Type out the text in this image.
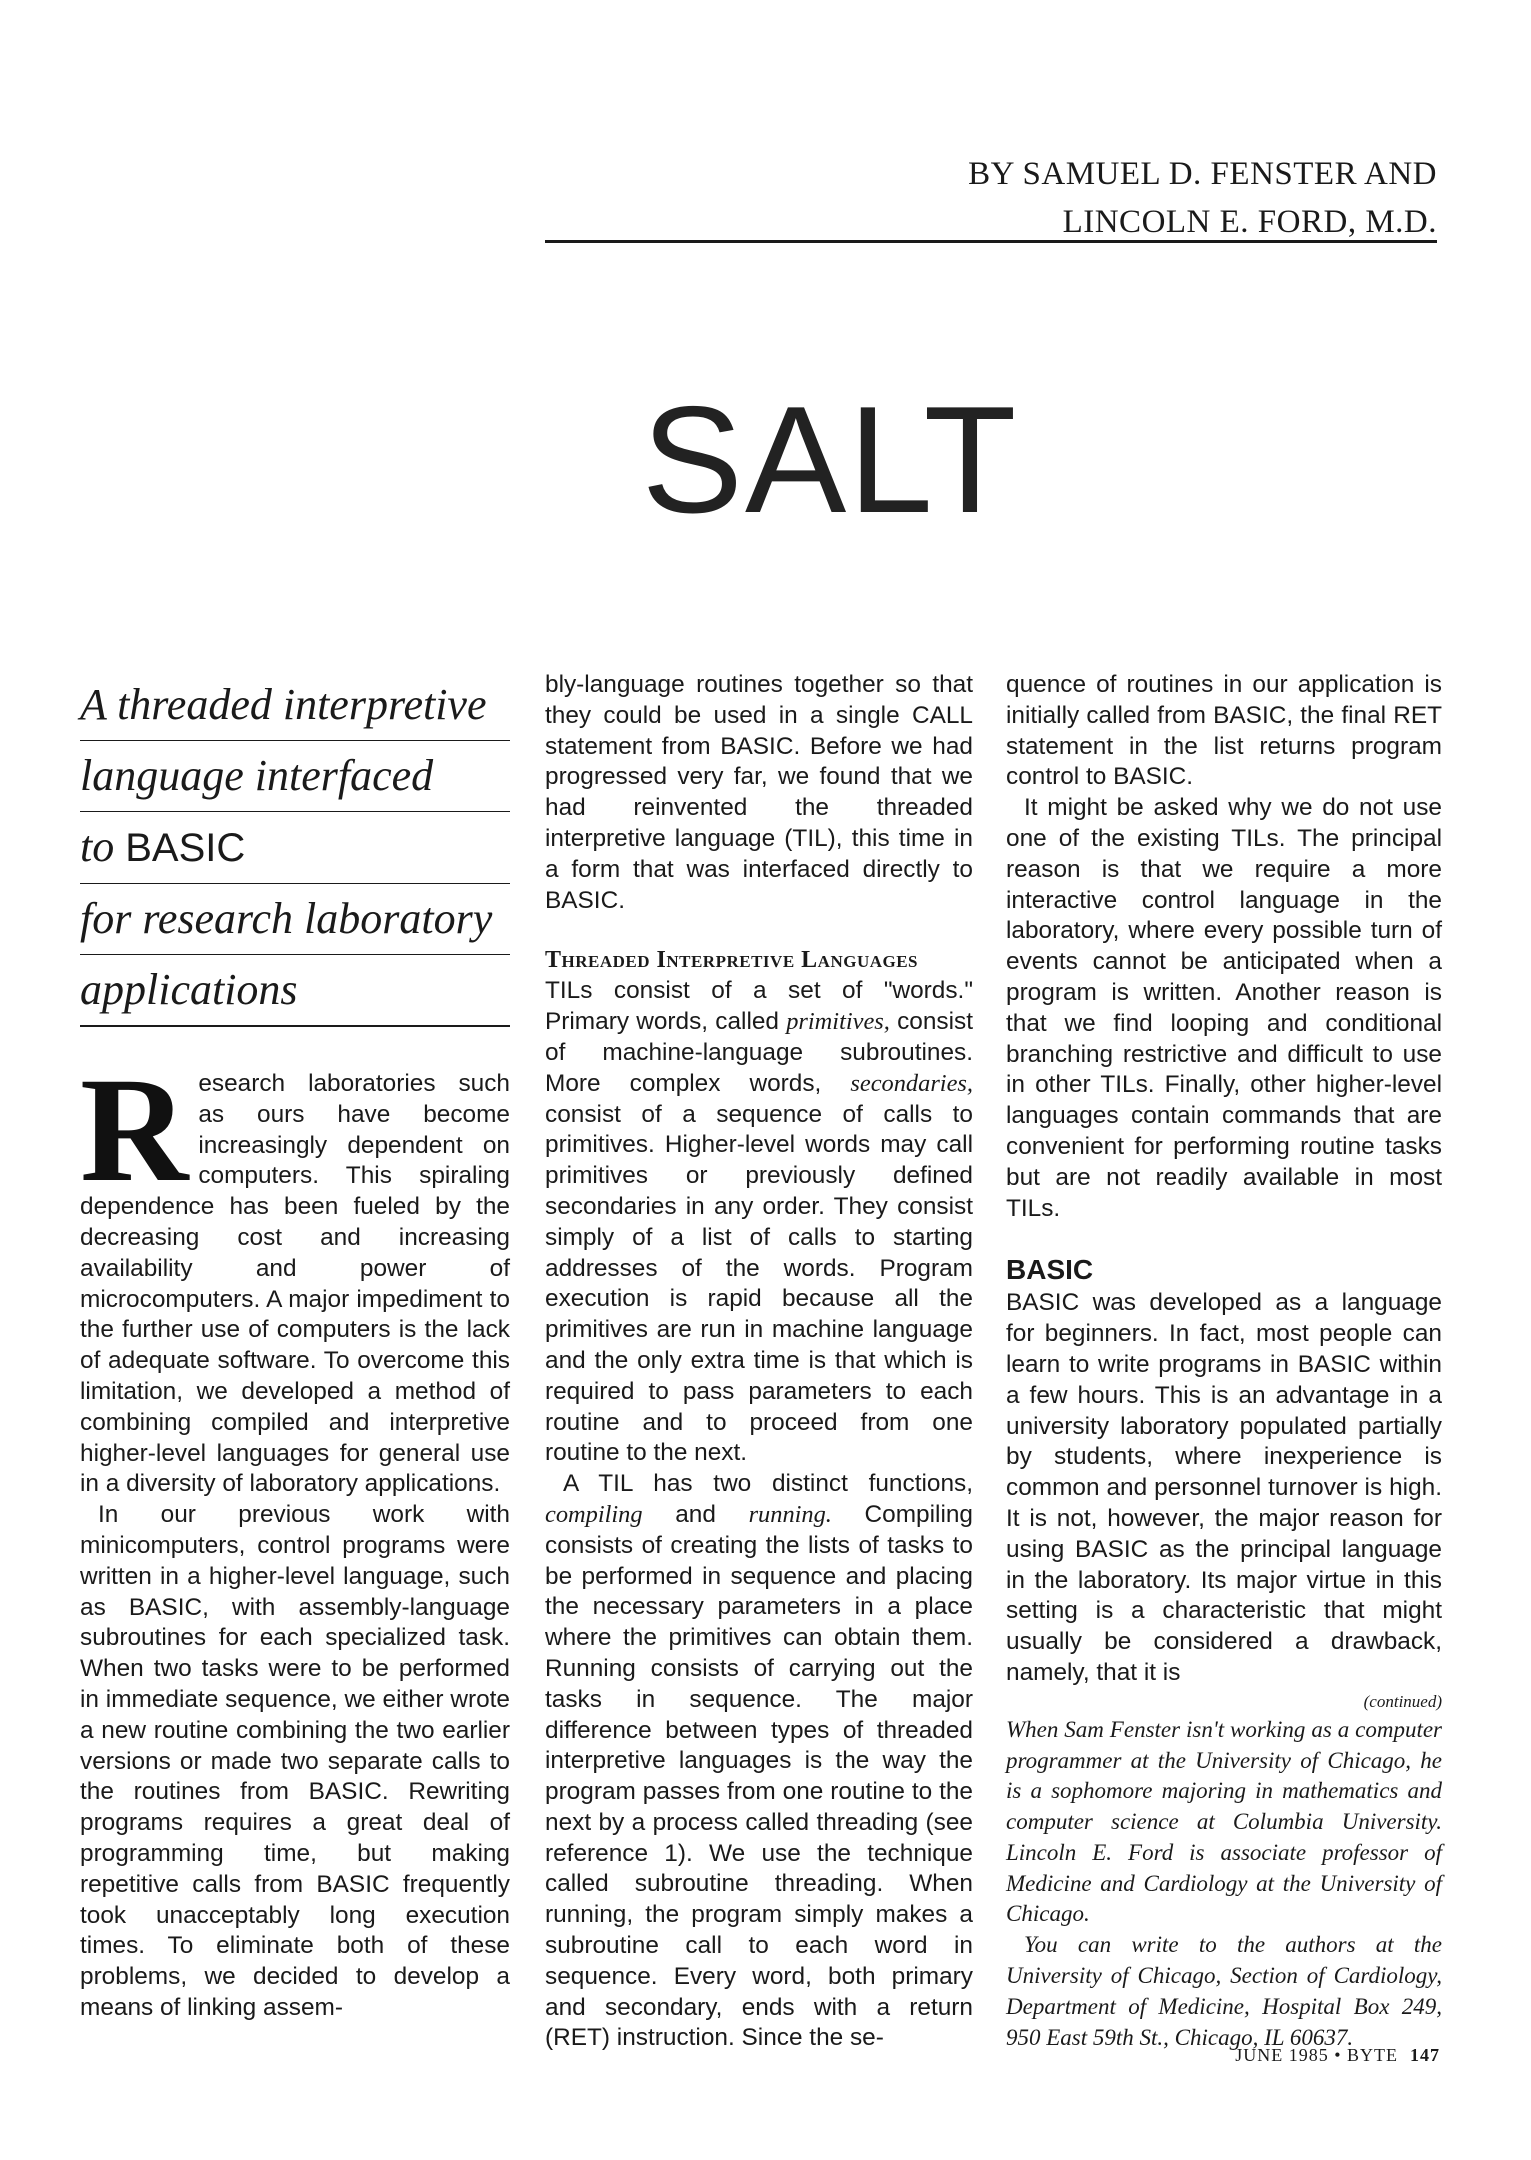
BY SAMUEL D. FENSTER AND
LINCOLN E. FORD, M.D.
SALT
A threaded interpretive
language interfaced
to BASIC
for research laboratory
applications

Research laboratories such as ours have become increasingly dependent on computers. This spiraling dependence has been fueled by the decreasing cost and increasing availability and power of microcomputers. A major impediment to the further use of computers is the lack of adequate software. To overcome this limitation, we developed a method of combining compiled and interpretive higher-level languages for general use in a diversity of laboratory applications.

In our previous work with minicomputers, control programs were written in a higher-level language, such as BASIC, with assembly-language subroutines for each specialized task. When two tasks were to be performed in immediate sequence, we either wrote a new routine combining the two earlier versions or made two separate calls to the routines from BASIC. Rewriting programs requires a great deal of programming time, but making repetitive calls from BASIC frequently took unacceptably long execution times. To eliminate both of these problems, we decided to develop a means of linking assem-

bly-language routines together so that they could be used in a single CALL statement from BASIC. Before we had progressed very far, we found that we had reinvented the threaded interpretive language (TIL), this time in a form that was interfaced directly to BASIC.

Threaded Interpretive Languages

TILs consist of a set of "words." Primary words, called primitives, consist of machine-language subroutines. More complex words, secondaries, consist of a sequence of calls to primitives. Higher-level words may call primitives or previously defined secondaries in any order. They consist simply of a list of calls to starting addresses of the words. Program execution is rapid because all the primitives are run in machine language and the only extra time is that which is required to pass parameters to each routine and to proceed from one routine to the next.

A TIL has two distinct functions, compiling and running. Compiling consists of creating the lists of tasks to be performed in sequence and placing the necessary parameters in a place where the primitives can obtain them. Running consists of carrying out the tasks in sequence. The major difference between types of threaded interpretive languages is the way the program passes from one routine to the next by a process called threading (see reference 1). We use the technique called subroutine threading. When running, the program simply makes a subroutine call to each word in sequence. Every word, both primary and secondary, ends with a return (RET) instruction. Since the se-

quence of routines in our application is initially called from BASIC, the final RET statement in the list returns program control to BASIC.

It might be asked why we do not use one of the existing TILs. The principal reason is that we require a more interactive control language in the laboratory, where every possible turn of events cannot be anticipated when a program is written. Another reason is that we find looping and conditional branching restrictive and difficult to use in other TILs. Finally, other higher-level languages contain commands that are convenient for performing routine tasks but are not readily available in most TILs.

BASIC

BASIC was developed as a language for beginners. In fact, most people can learn to write programs in BASIC within a few hours. This is an advantage in a university laboratory populated partially by students, where inexperience is common and personnel turnover is high. It is not, however, the major reason for using BASIC as the principal language in the laboratory. Its major virtue in this setting is a characteristic that might usually be considered a drawback, namely, that it is

(continued)

When Sam Fenster isn't working as a computer programmer at the University of Chicago, he is a sophomore majoring in mathematics and computer science at Columbia University. Lincoln E. Ford is associate professor of Medicine and Cardiology at the University of Chicago.

You can write to the authors at the University of Chicago, Section of Cardiology, Department of Medicine, Hospital Box 249, 950 East 59th St., Chicago, IL 60637.

JUNE 1985 • BYTE 147
